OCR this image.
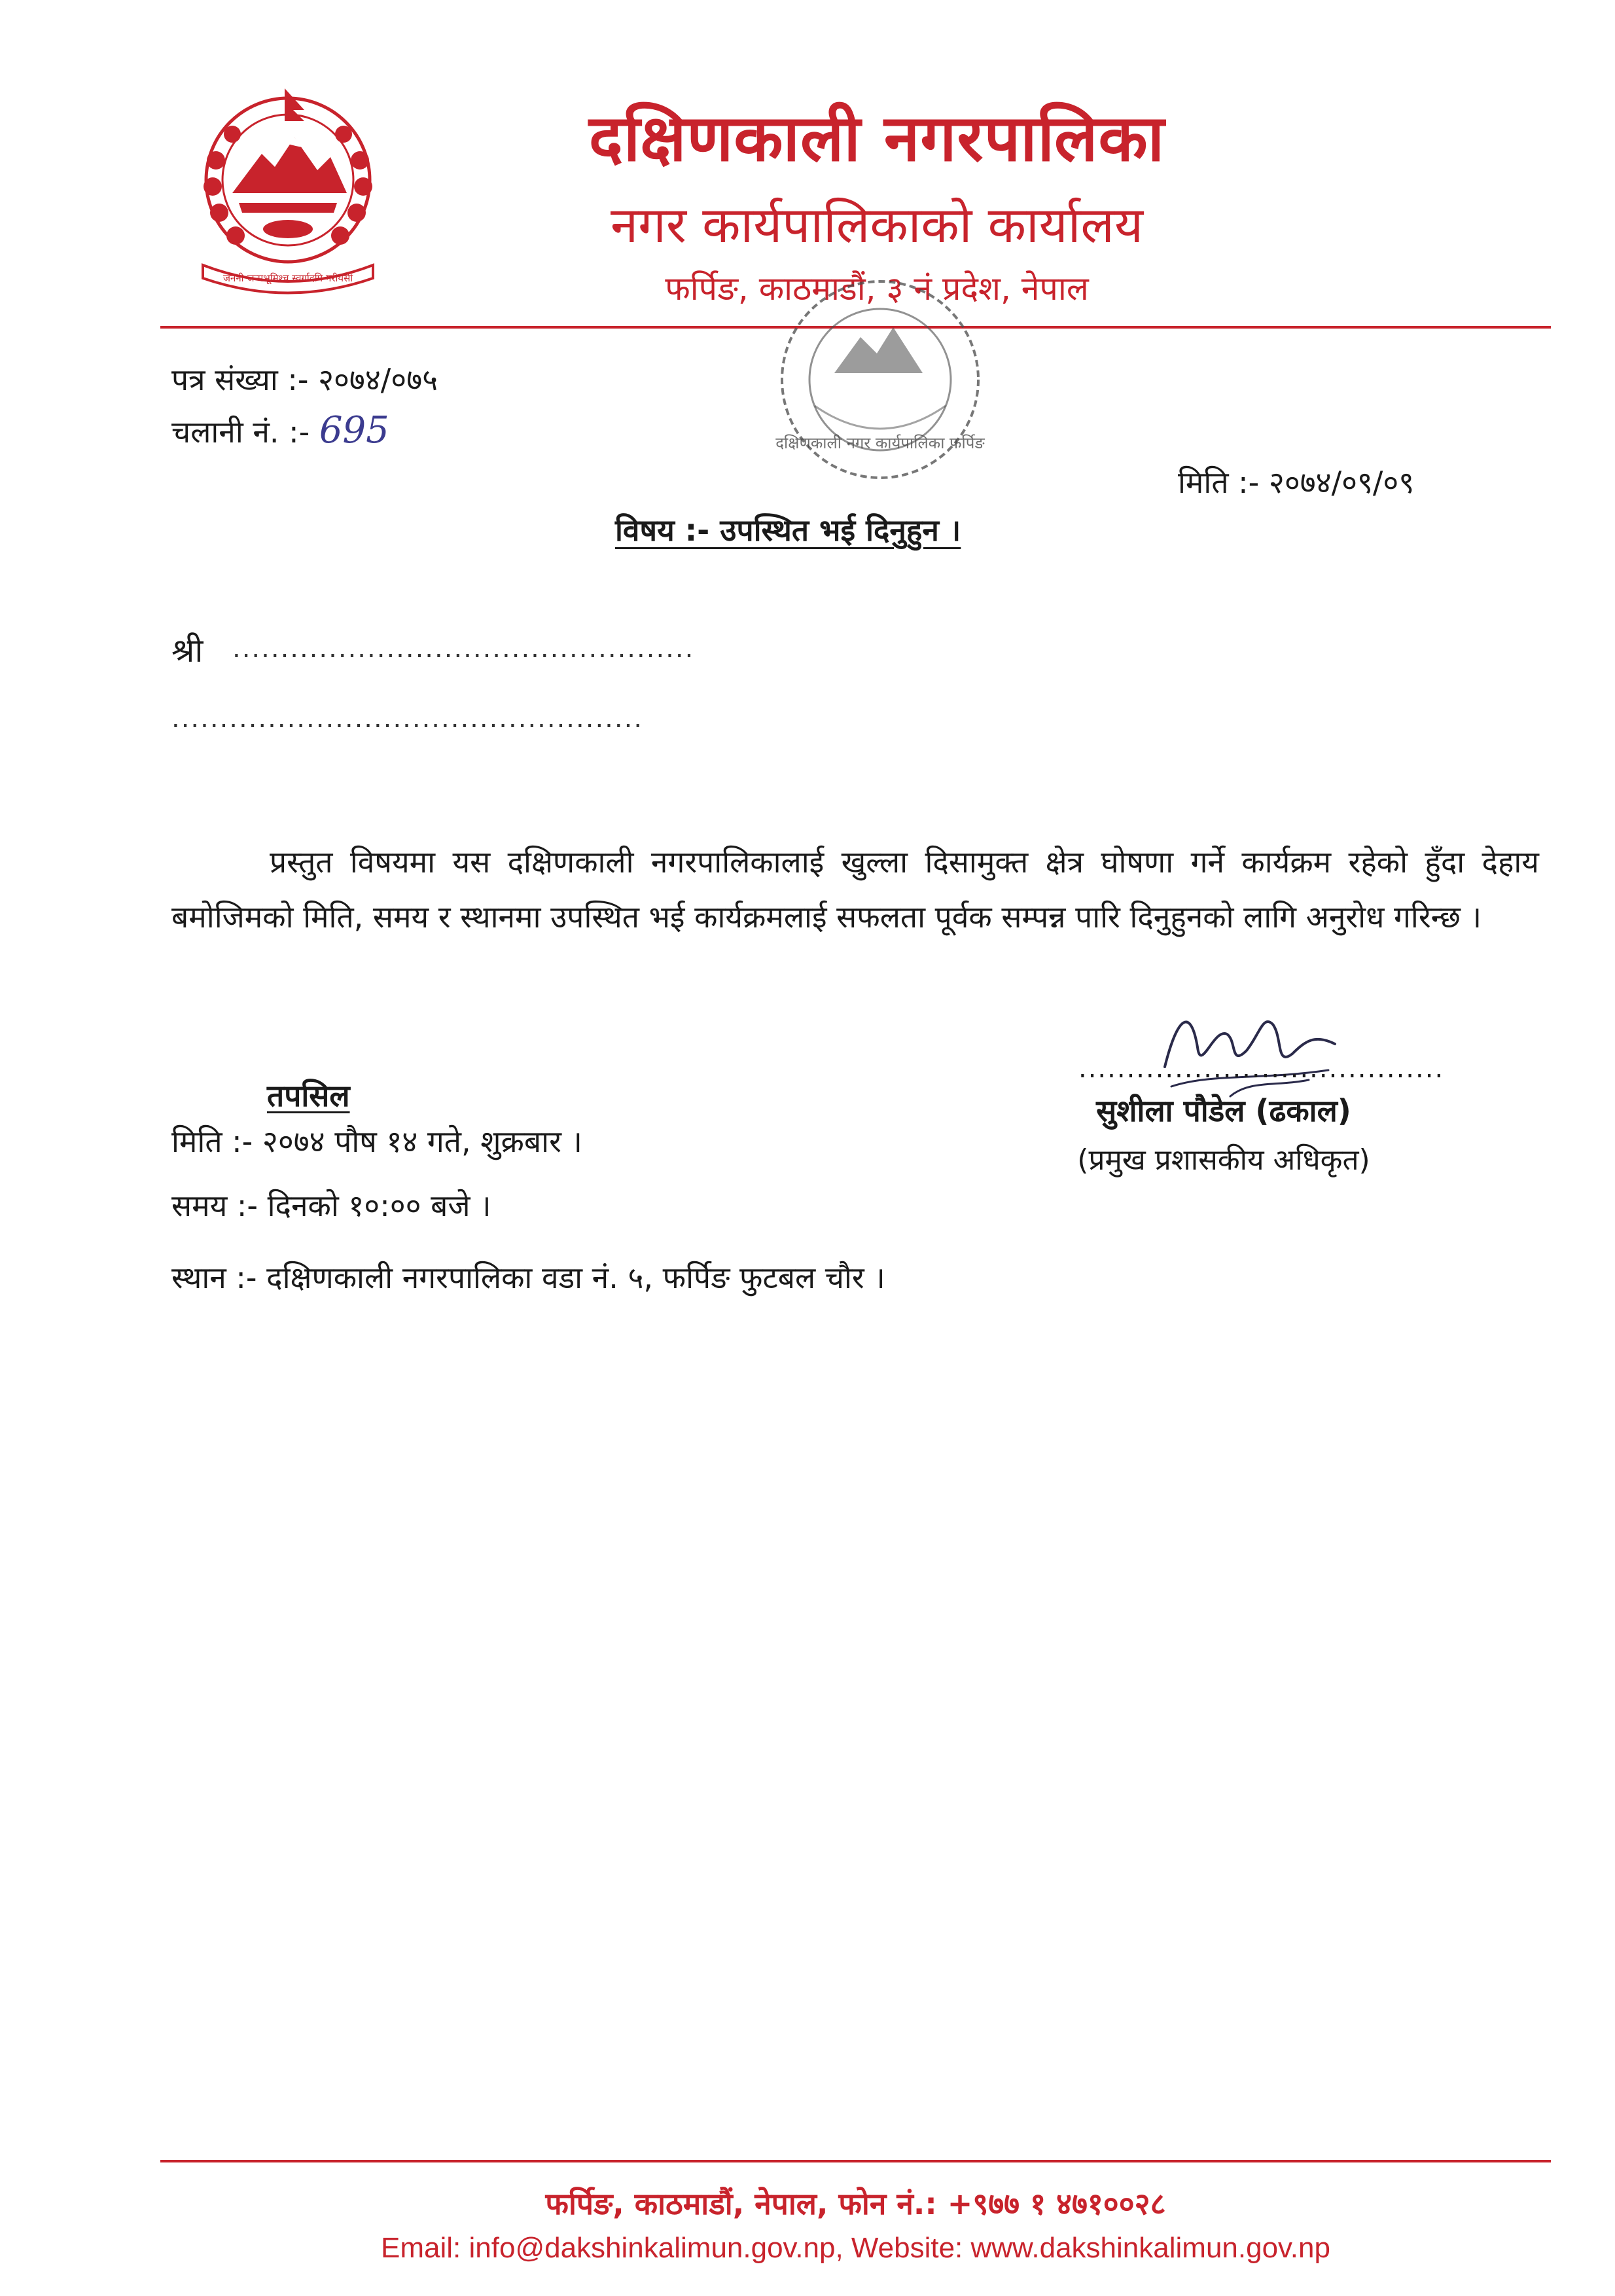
जननी जन्मभूमिश्च स्वर्गादपि गरीयसी
दक्षिणकाली नगरपालिका
नगर कार्यपालिकाको कार्यालय
फर्पिङ, काठमाडौं, ३ नं प्रदेश, नेपाल
दक्षिणकाली नगर कार्यपालिका फर्पिङ
पत्र संख्या :- २०७४/०७५
चलानी नं. :- 695
मिति :- २०७४/०९/०९
विषय :- उपस्थित भई दिनुहुन ।
श्री ................................................
.................................................
प्रस्तुत विषयमा यस दक्षिणकाली नगरपालिकालाई खुल्ला दिसामुक्त क्षेत्र घोषणा गर्ने कार्यक्रम रहेको हुँदा देहाय बमोजिमको मिति, समय र स्थानमा उपस्थित भई कार्यक्रमलाई सफलता पूर्वक सम्पन्न पारि दिनुहुनको लागि अनुरोध गरिन्छ ।
तपसिल
मिति :- २०७४ पौष १४ गते, शुक्रबार ।
समय :- दिनको १०:०० बजे ।
स्थान :- दक्षिणकाली नगरपालिका वडा नं. ५, फर्पिङ फुटबल चौर ।
......................................
सुशीला पौडेल (ढकाल)
(प्रमुख प्रशासकीय अधिकृत)
फर्पिङ, काठमाडौं, नेपाल, फोन नं.: +९७७ १ ४७१००२८
Email: info@dakshinkalimun.gov.np, Website: www.dakshinkalimun.gov.np
